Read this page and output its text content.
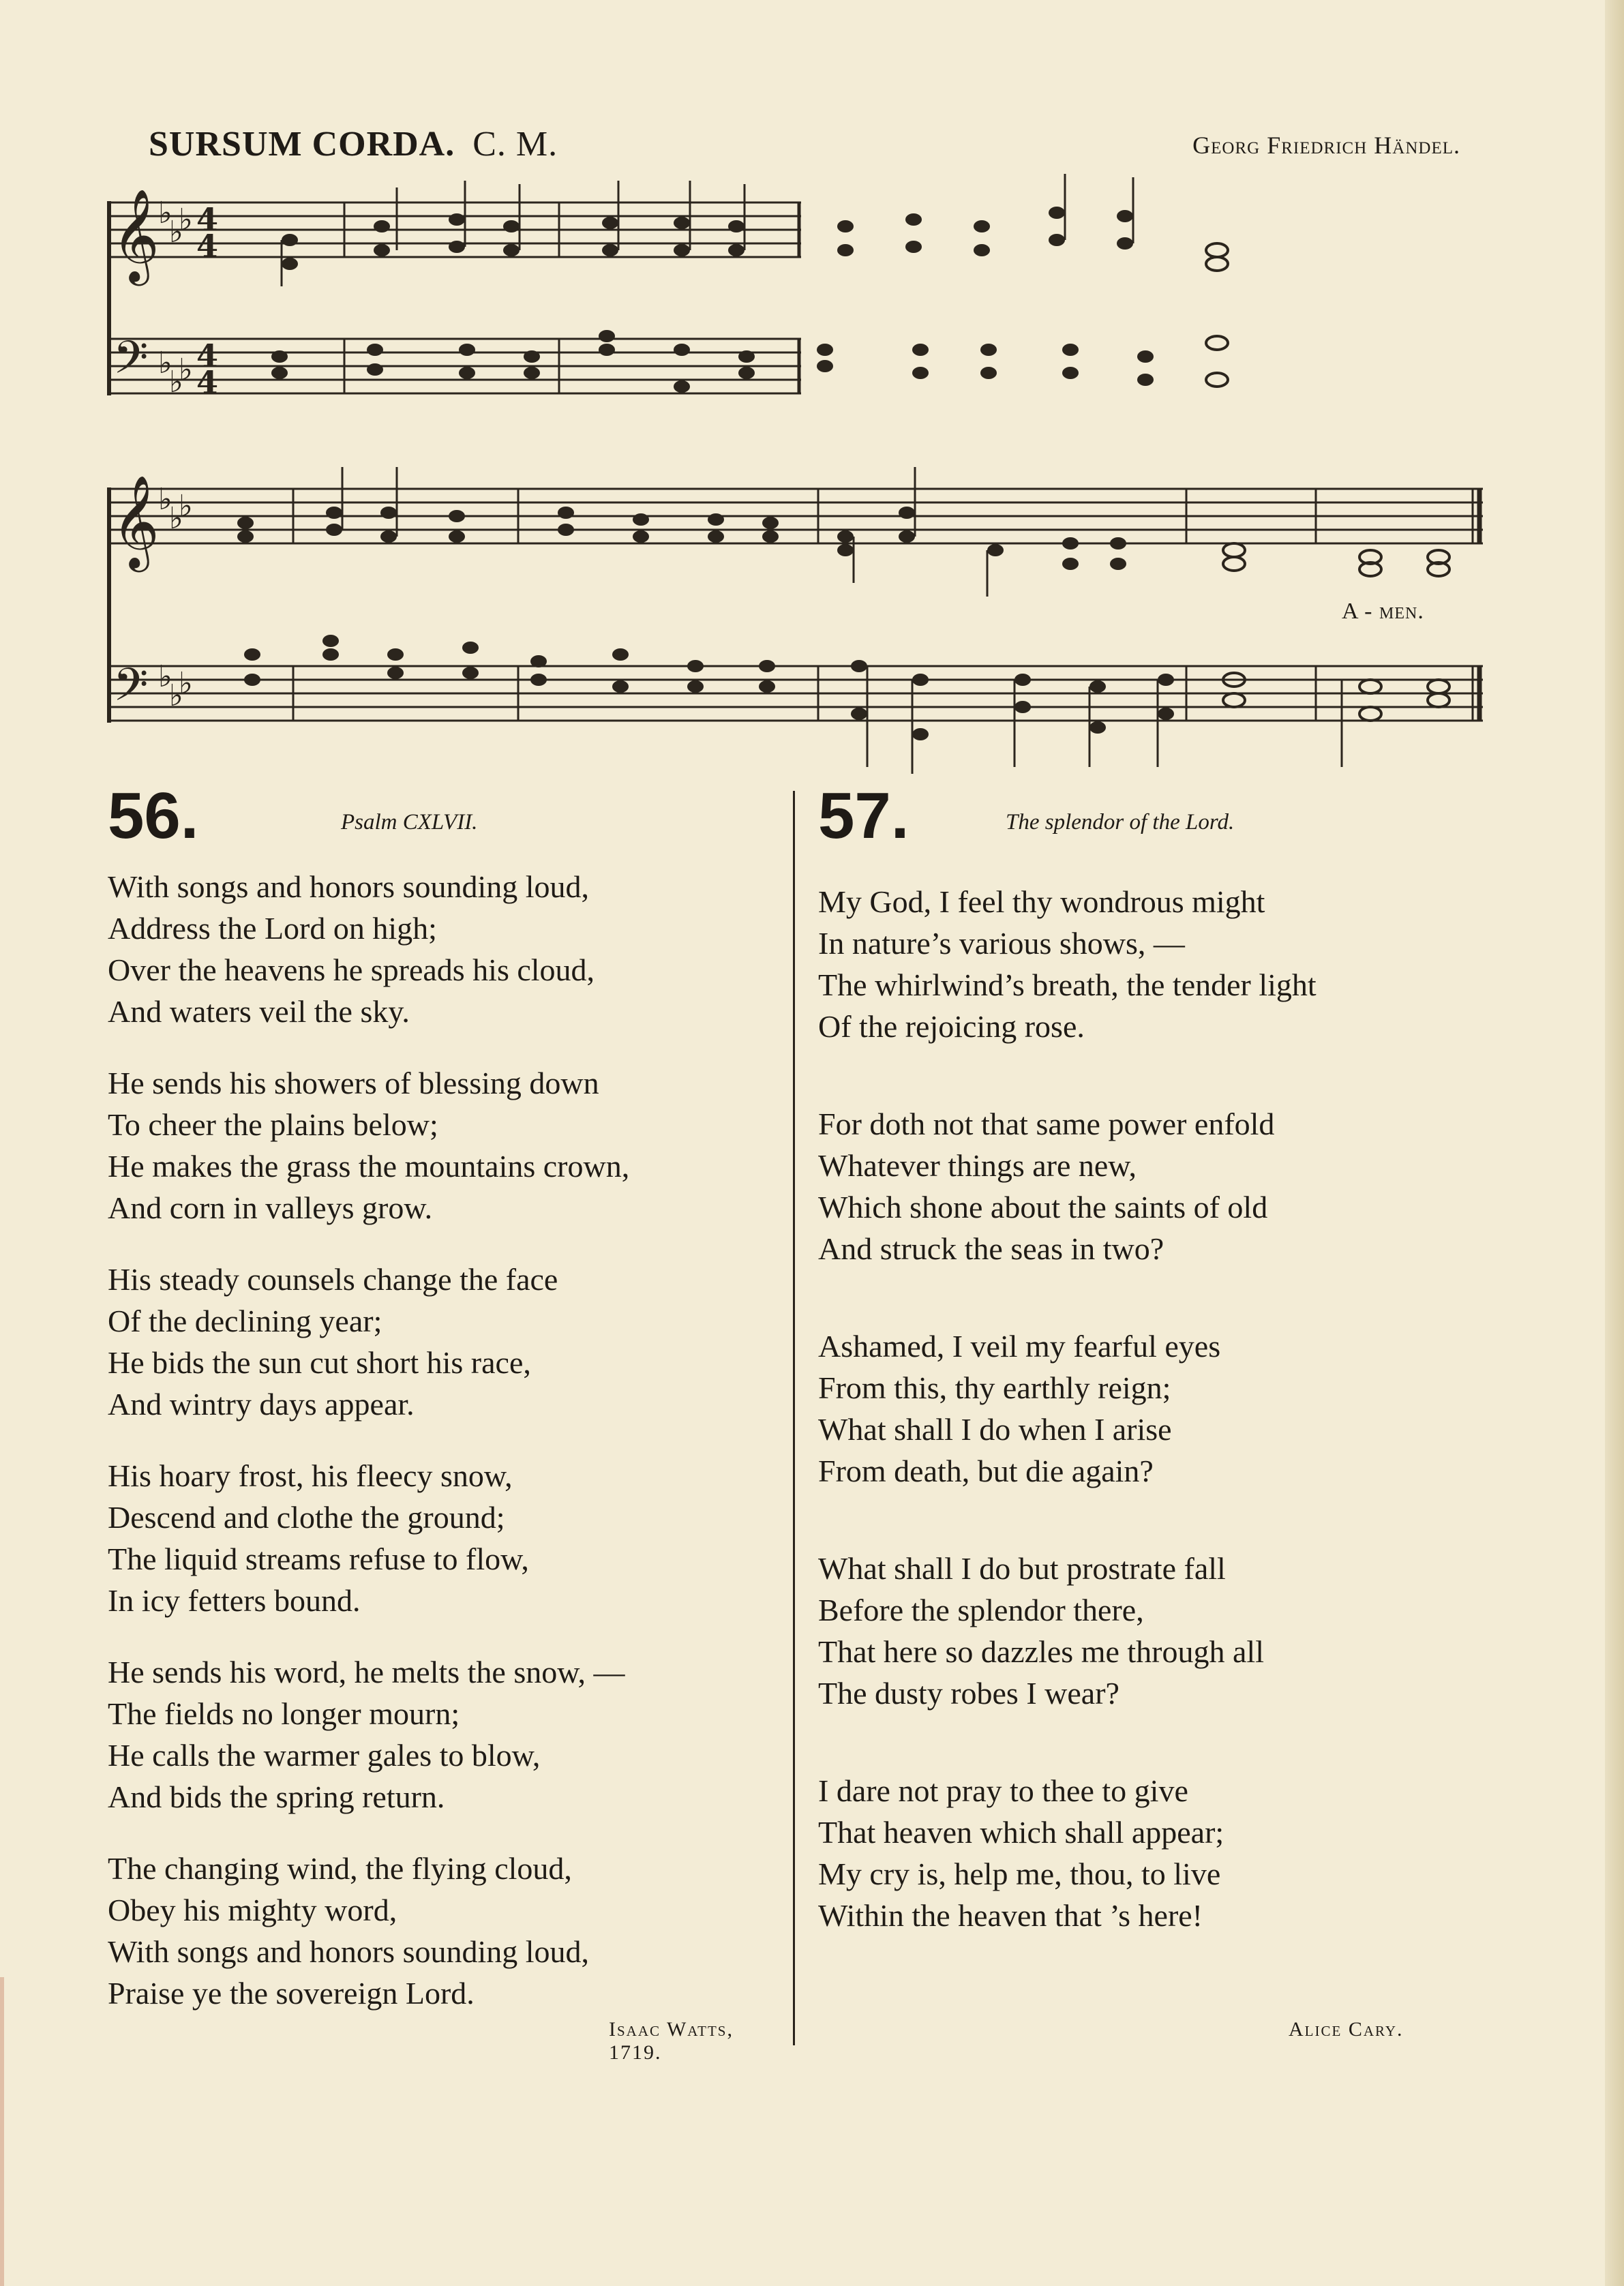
SURSUM CORDA. C. M.	Georg Friedrich Händel.
𝄞
𝄢
𝄞
𝄢
♭
♭
♭
♭
♭
♭
♭
♭
♭
♭
♭
♭
4
4
4
4
A - men.
56.	Psalm CXLVII.
With songs and honors sounding loud,
Address the Lord on high;
Over the heavens he spreads his cloud,
And waters veil the sky.
He sends his showers of blessing down
To cheer the plains below;
He makes the grass the mountains crown,
And corn in valleys grow.
His steady counsels change the face
Of the declining year;
He bids the sun cut short his race,
And wintry days appear.
His hoary frost, his fleecy snow,
Descend and clothe the ground;
The liquid streams refuse to flow,
In icy fetters bound.
He sends his word, he melts the snow, —
The fields no longer mourn;
He calls the warmer gales to blow,
And bids the spring return.
The changing wind, the flying cloud,
Obey his mighty word,
With songs and honors sounding loud,
Praise ye the sovereign Lord.
Isaac Watts, 1719.
57.	The splendor of the Lord.
My God, I feel thy wondrous might
In nature’s various shows, —
The whirlwind’s breath, the tender light
Of the rejoicing rose.
For doth not that same power enfold
Whatever things are new,
Which shone about the saints of old
And struck the seas in two?
Ashamed, I veil my fearful eyes
From this, thy earthly reign;
What shall I do when I arise
From death, but die again?
What shall I do but prostrate fall
Before the splendor there,
That here so dazzles me through all
The dusty robes I wear?
I dare not pray to thee to give
That heaven which shall appear;
My cry is, help me, thou, to live
Within the heaven that ’s here!
Alice Cary.
